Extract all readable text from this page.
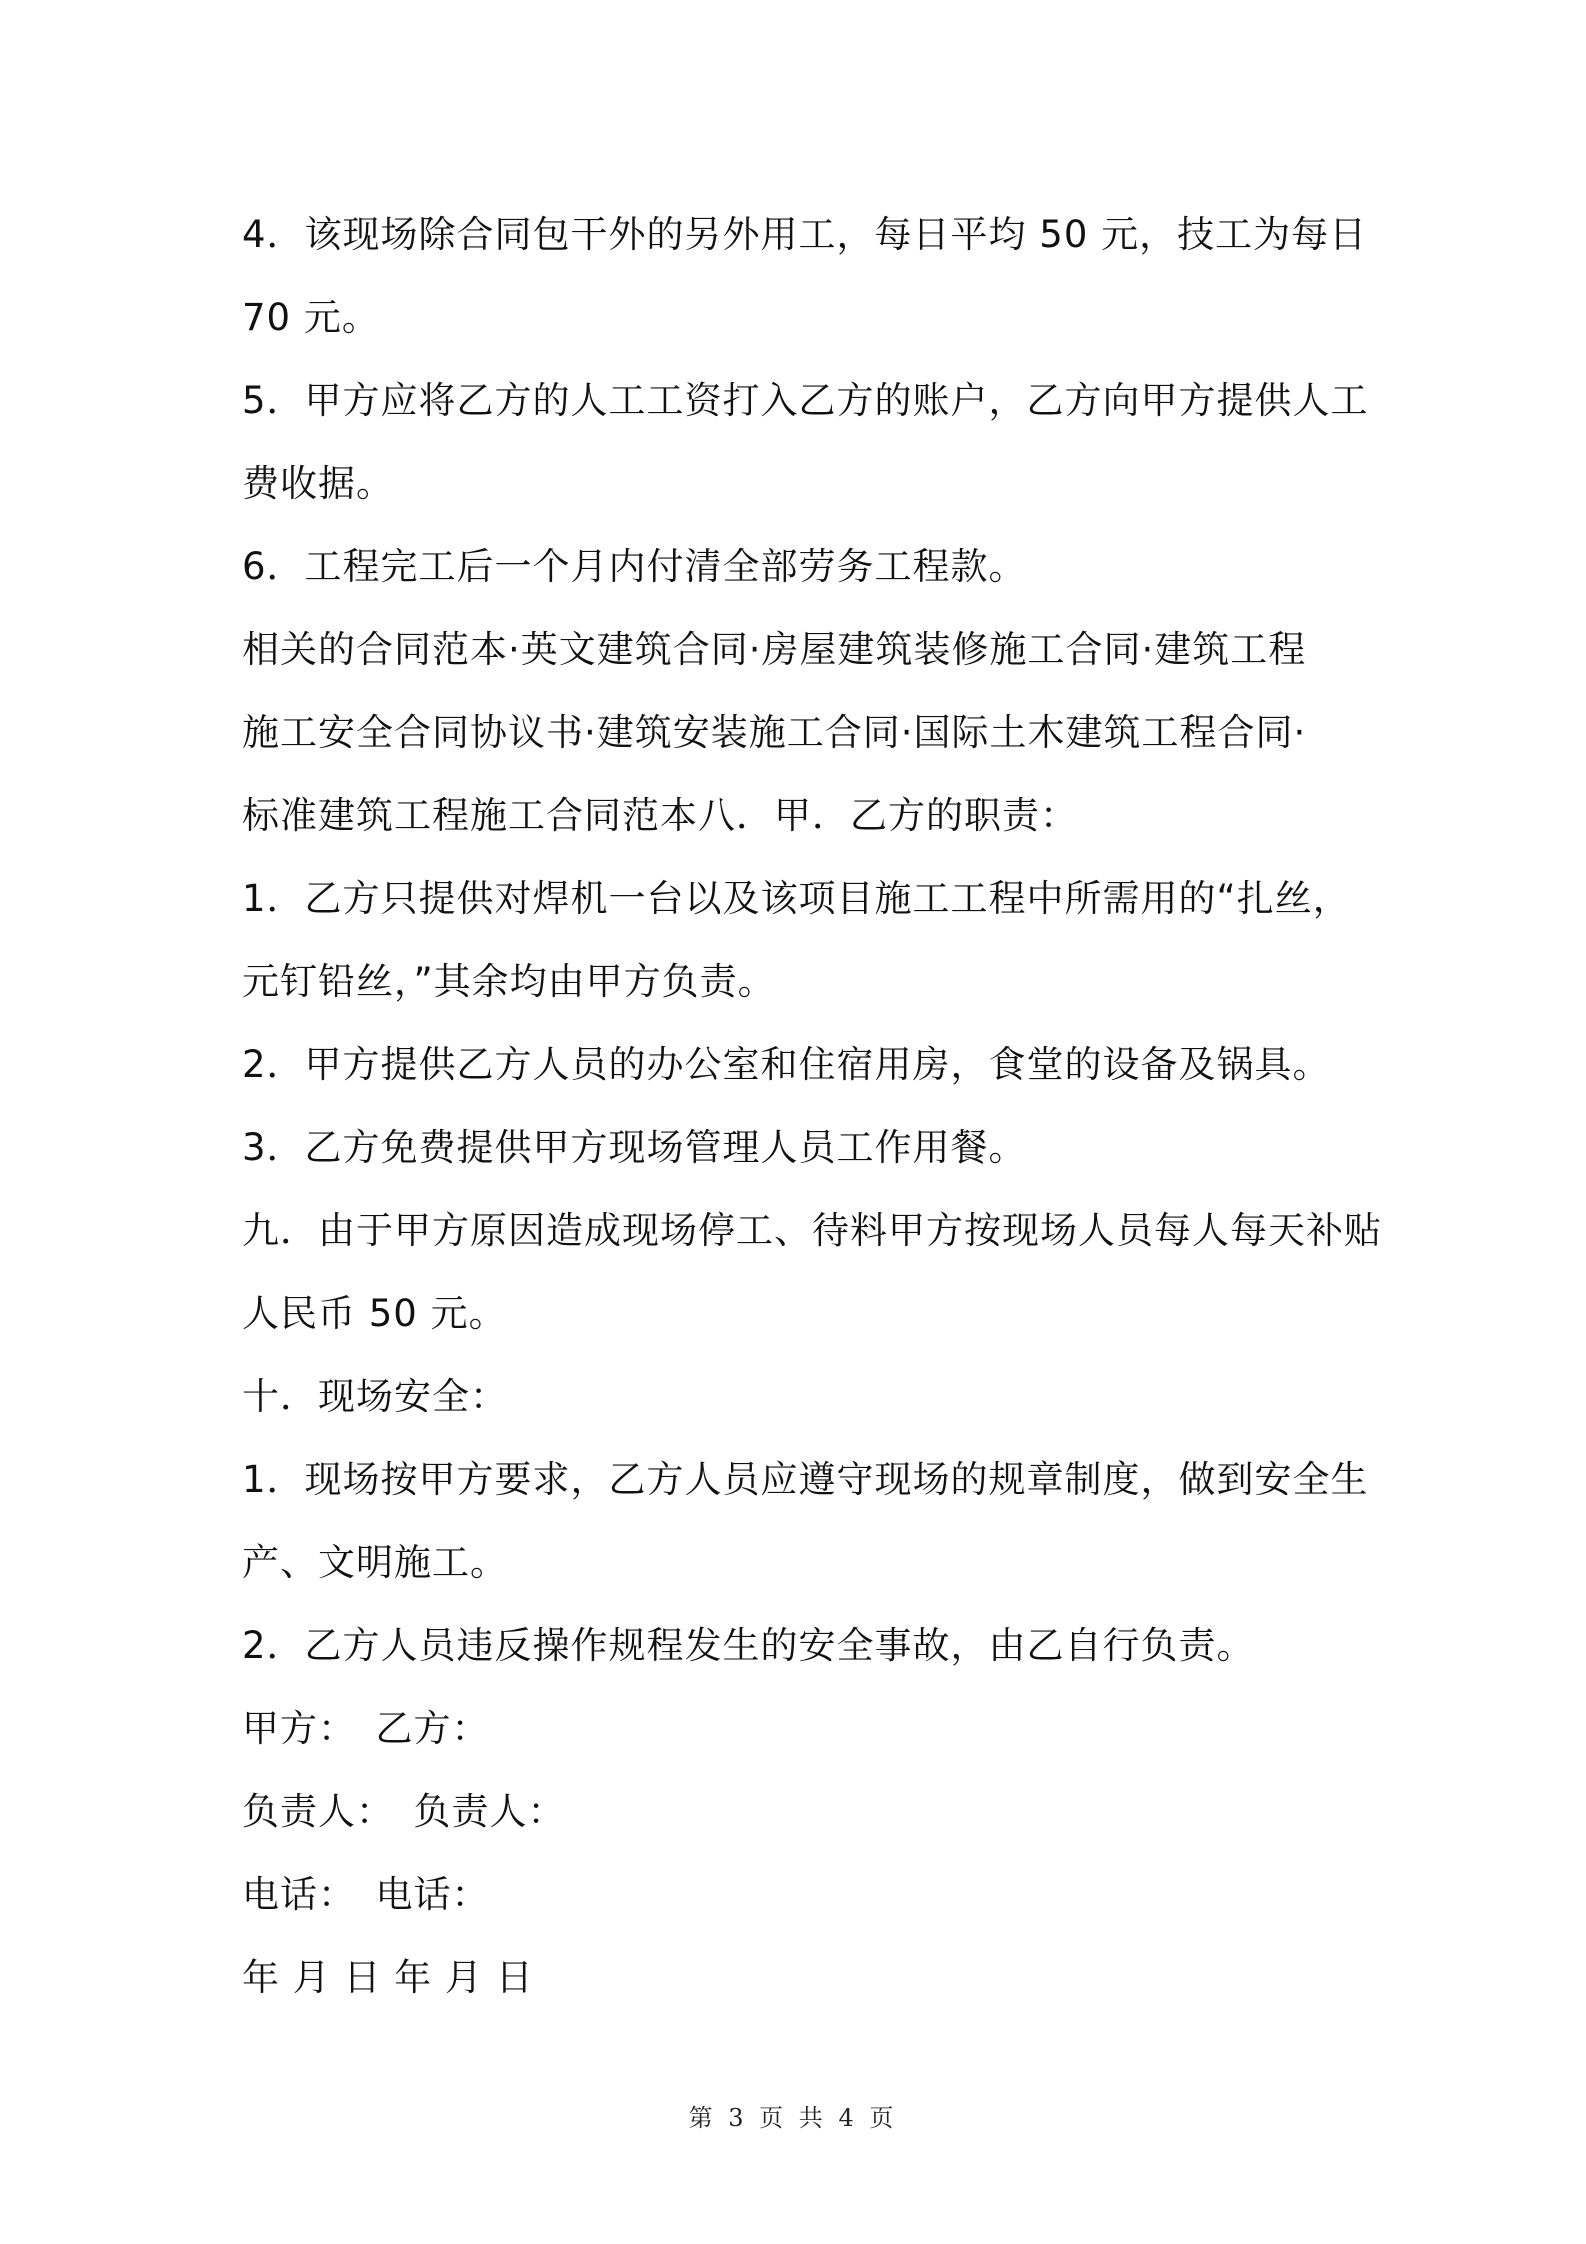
4．该现场除合同包干外的另外用工，每日平均 50 元，技工为每日
70 元。
5．甲方应将乙方的人工工资打入乙方的账户，乙方向甲方提供人工
费收据。
6．工程完工后一个月内付清全部劳务工程款。
相关的合同范本·英文建筑合同·房屋建筑装修施工合同·建筑工程
施工安全合同协议书·建筑安装施工合同·国际土木建筑工程合同·
标准建筑工程施工合同范本八．甲．乙方的职责：
1．乙方只提供对焊机一台以及该项目施工工程中所需用的“扎丝，
元钉铅丝，”其余均由甲方负责。
2．甲方提供乙方人员的办公室和住宿用房，食堂的设备及锅具。
3．乙方免费提供甲方现场管理人员工作用餐。
九．由于甲方原因造成现场停工、待料甲方按现场人员每人每天补贴
人民币 50 元。
十．现场安全：
1．现场按甲方要求，乙方人员应遵守现场的规章制度，做到安全生
产、文明施工。
2．乙方人员违反操作规程发生的安全事故，由乙自行负责。
甲方：　乙方：
负责人：　负责人：
电话：　电话：
年 月 日 年 月 日
第 3 页 共 4 页
